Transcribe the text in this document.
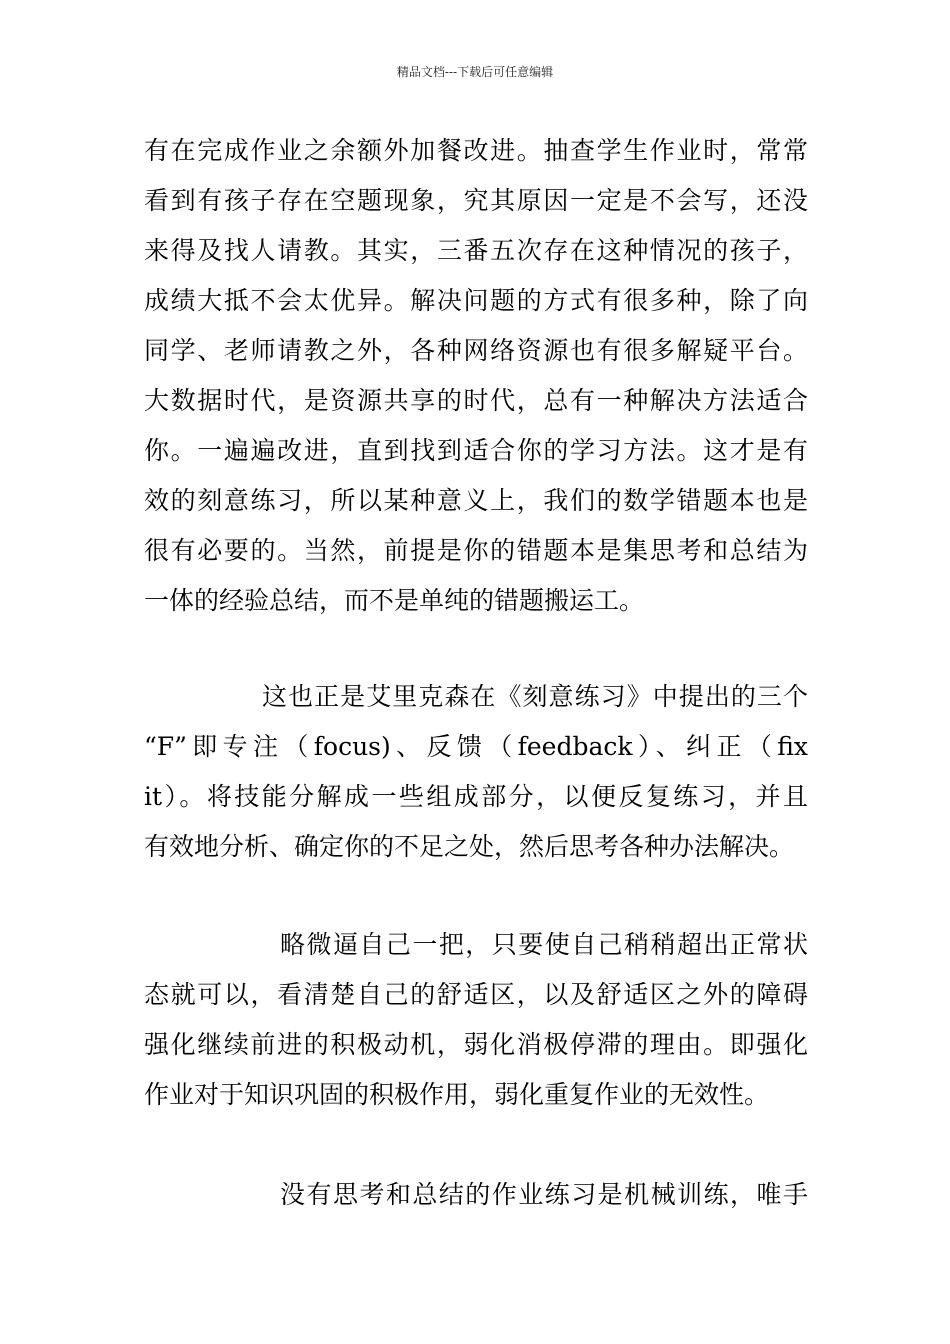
精品文档---下载后可任意编辑
有在完成作业之余额外加餐改进。抽查学生作业时，常常
看到有孩子存在空题现象，究其原因一定是不会写，还没
来得及找人请教。其实，三番五次存在这种情况的孩子，
成绩大抵不会太优异。解决问题的方式有很多种，除了向
同学、老师请教之外，各种网络资源也有很多解疑平台。
大数据时代，是资源共享的时代，总有一种解决方法适合
你。一遍遍改进，直到找到适合你的学习方法。这才是有
效的刻意练习，所以某种意义上，我们的数学错题本也是
很有必要的。当然，前提是你的错题本是集思考和总结为
一体的经验总结，而不是单纯的错题搬运工。
这也正是艾里克森在《刻意练习》中提出的三个
“F”即专注（focus)、反馈（feedback）、纠正（fix
it）。将技能分解成一些组成部分，以便反复练习，并且
有效地分析、确定你的不足之处，然后思考各种办法解决。
略微逼自己一把，只要使自己稍稍超出正常状
态就可以，看清楚自己的舒适区，以及舒适区之外的障碍
强化继续前进的积极动机，弱化消极停滞的理由。即强化
作业对于知识巩固的积极作用，弱化重复作业的无效性。
没有思考和总结的作业练习是机械训练，唯手
